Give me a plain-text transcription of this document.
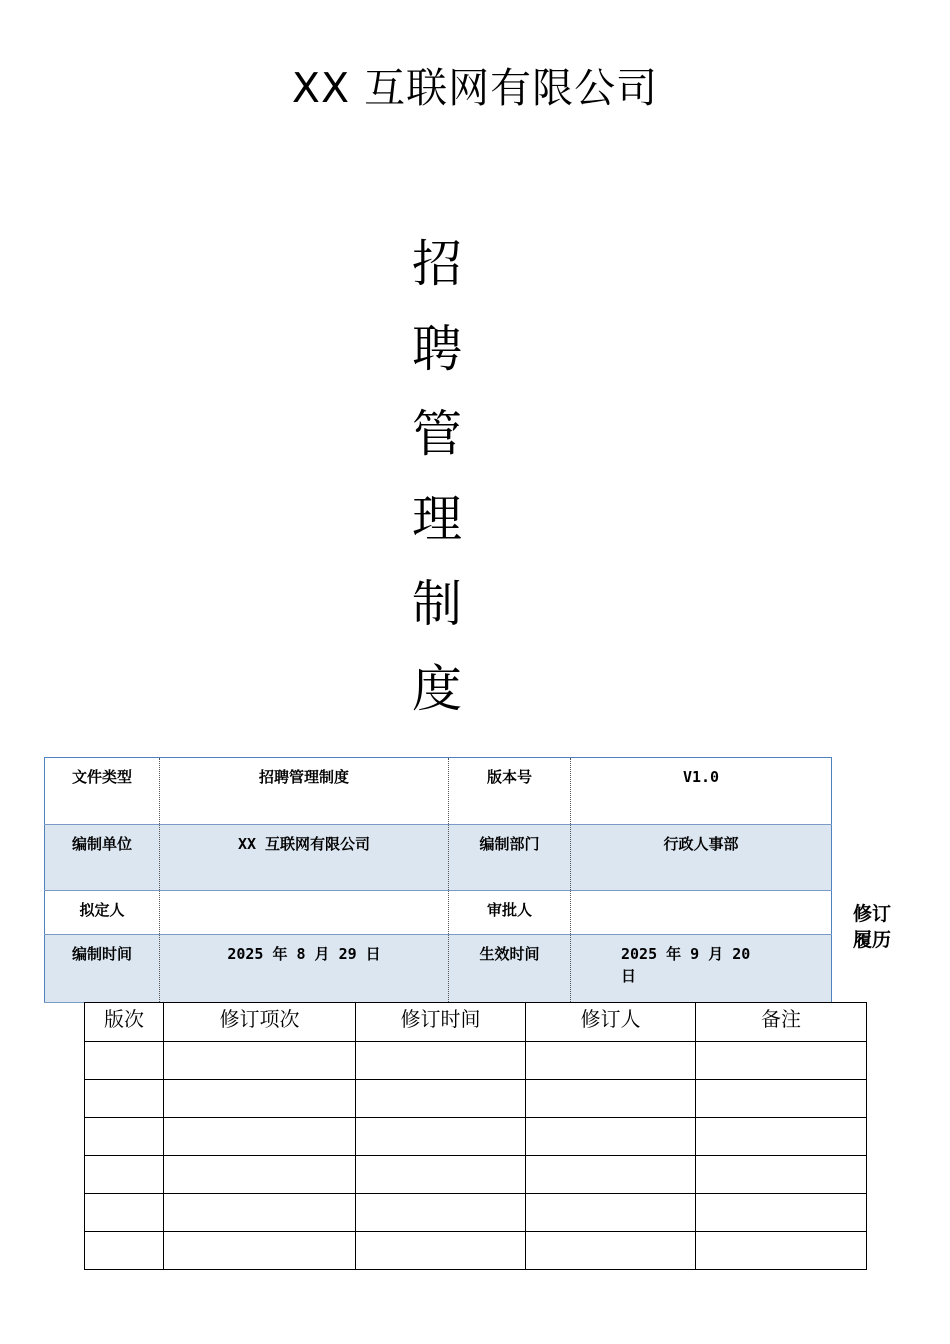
XX 互联网有限公司
招
聘
管
理
制
度
文件类型	招聘管理制度	版本号	V1.0
编制单位	XX 互联网有限公司	编制部门	行政人事部
拟定人		审批人	
编制时间	2025 年 8 月 29 日	生效时间	2025 年 9 月 20 日
修订履历
版次	修订项次	修订时间	修订人	备注
